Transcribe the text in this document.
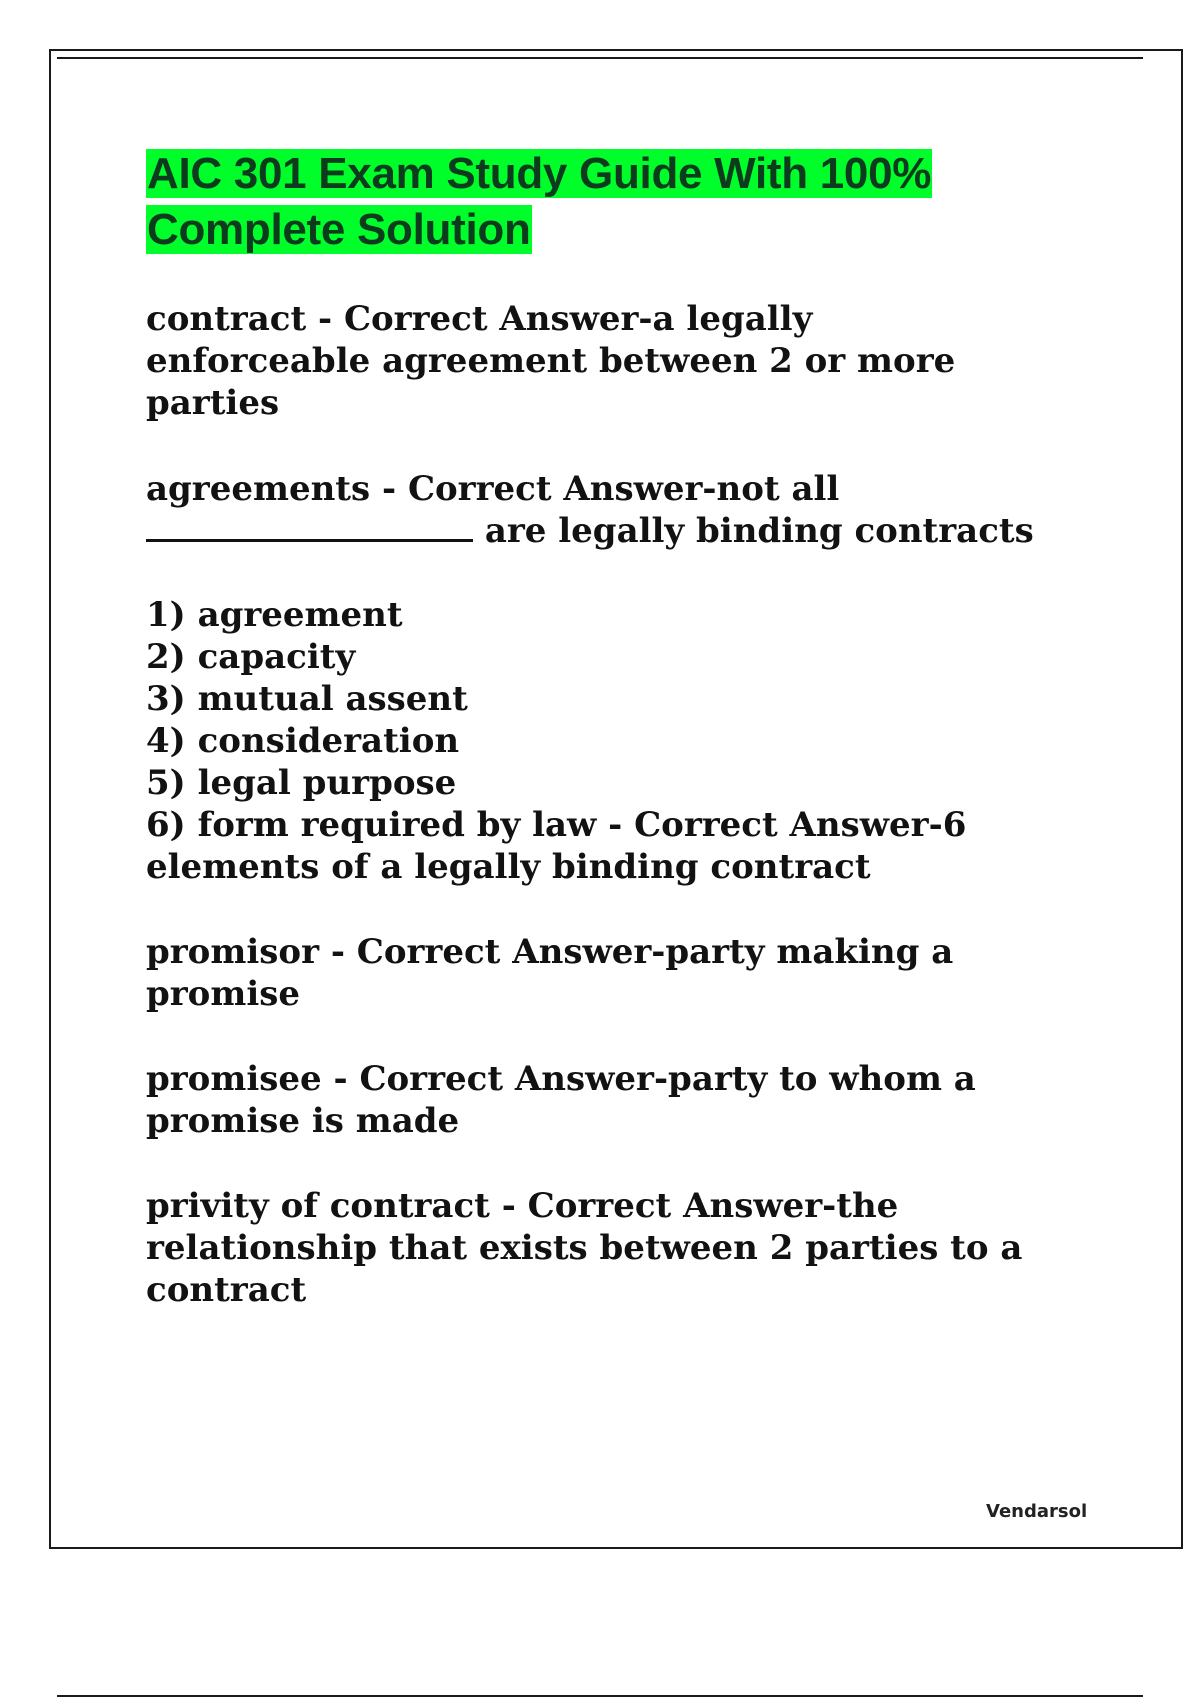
AIC 301 Exam Study Guide With 100%
Complete Solution

contract - Correct Answer-a legally
enforceable agreement between 2 or more
parties

agreements - Correct Answer-not all
are legally binding contracts

1) agreement
2) capacity
3) mutual assent
4) consideration
5) legal purpose
6) form required by law - Correct Answer-6
elements of a legally binding contract

promisor - Correct Answer-party making a
promise

promisee - Correct Answer-party to whom a
promise is made

privity of contract - Correct Answer-the
relationship that exists between 2 parties to a
contract

Vendarsol
